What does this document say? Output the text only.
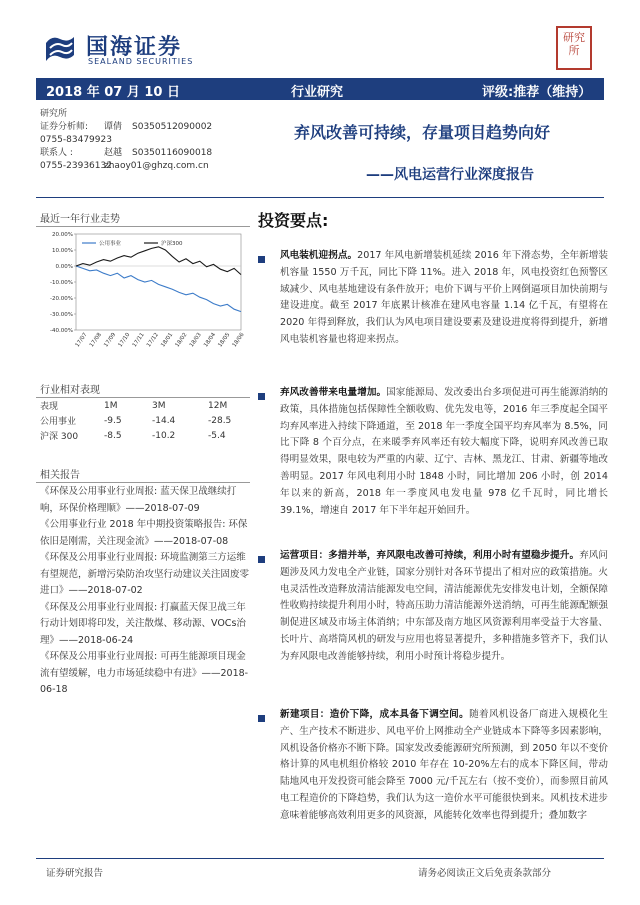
国海证券
SEALAND SECURITIES
研究所
2018 年 07 月 10 日	行业研究	评级:推荐（维持）
研究所
证券分析师: 谭倩 S0350512090002
0755-83479923
联系人 :	赵越 S0350116090018
0755-23936132
zhaoy01@ghzq.com.cn
弃风改善可持续，存量项目趋势向好
——风电运营行业深度报告
最近一年行业走势
20.00%
10.00%
0.00%
-10.00%
-20.00%
-30.00%
-40.00%
17/07 17/08 17/09 17/10 17/11 17/12 18/01 18/02 18/03 18/04 18/05 18/06
公用事业	沪深300
行业相对表现
表现	1M	3M	12M
公用事业	-9.5	-14.4	-28.5
沪深 300	-8.5	-10.2	-5.4
相关报告
《环保及公用事业行业周报: 蓝天保卫战继续打响，环保价格理顺》——2018-07-09
《公用事业行业 2018 年中期投资策略报告: 环保依旧是刚需，关注现金流》——2018-07-08
《环保及公用事业行业周报: 环境监测第三方运维有望规范，新增污染防治攻坚行动建议关注固废零进口》——2018-07-02
《环保及公用事业行业周报: 打赢蓝天保卫战三年行动计划即将印发，关注散煤、移动源、VOCs治理》——2018-06-24
《环保及公用事业行业周报: 可再生能源项目现金流有望缓解，电力市场延续稳中有进》——2018-06-18
投资要点:
风电装机迎拐点。2017 年风电新增装机延续 2016 年下滑态势，全年新增装机容量 1550 万千瓦，同比下降 11%。进入 2018 年，风电投资红色预警区域减少、风电基地建设有条件放开；电价下调与平价上网倒逼项目加快前期与建设进度。截至 2017 年底累计核准在建风电容量 1.14 亿千瓦，有望将在 2020 年得到释放，我们认为风电项目建设要素及建设进度将得到提升，新增风电装机容量也将迎来拐点。
弃风改善带来电量增加。国家能源局、发改委出台多项促进可再生能源消纳的政策，具体措施包括保障性全额收购、优先发电等，2016 年三季度起全国平均弃风率进入持续下降通道，至 2018 年一季度全国平均弃风率为 8.5%，同比下降 8 个百分点，在来暖季弃风率还有较大幅度下降，说明弃风改善已取得明显效果，限电较为严重的内蒙、辽宁、吉林、黑龙江、甘肃、新疆等地改善明显。2017 年风电利用小时 1848 小时，同比增加 206 小时，创 2014 年以来的新高，2018 年一季度风电发电量 978 亿千瓦时，同比增长 39.1%，增速自 2017 年下半年起开始回升。
运营项目：多措并举，弃风限电改善可持续，利用小时有望稳步提升。弃风问题涉及风力发电全产业链，国家分别针对各环节提出了相对应的政策措施。火电灵活性改造释放清洁能源发电空间，清洁能源优先安排发电计划，全额保障性收购持续提升利用小时，特高压助力清洁能源外送消纳，可再生能源配额强制促进区域及市场主体消纳；中东部及南方地区风资源利用率受益于大容量、长叶片、高塔筒风机的研发与应用也将显著提升，多种措施多管齐下，我们认为弃风限电改善能够持续，利用小时预计将稳步提升。
新建项目：造价下降，成本具备下调空间。随着风机设备厂商进入规模化生产、生产技术不断进步、风电平价上网推动全产业链成本下降等多因素影响，风机设备价格亦不断下降。国家发改委能源研究所预测，到 2050 年以不变价格计算的风电机组价格较 2010 年存在 10-20%左右的成本下降区间，带动陆地风电开发投资可能会降至 7000 元/千瓦左右（按不变价），而参照目前风电工程造价的下降趋势，我们认为这一造价水平可能很快到来。风机技术进步意味着能够高效利用更多的风资源，风能转化效率也得到提升；叠加数字
证券研究报告	请务必阅读正文后免责条款部分
